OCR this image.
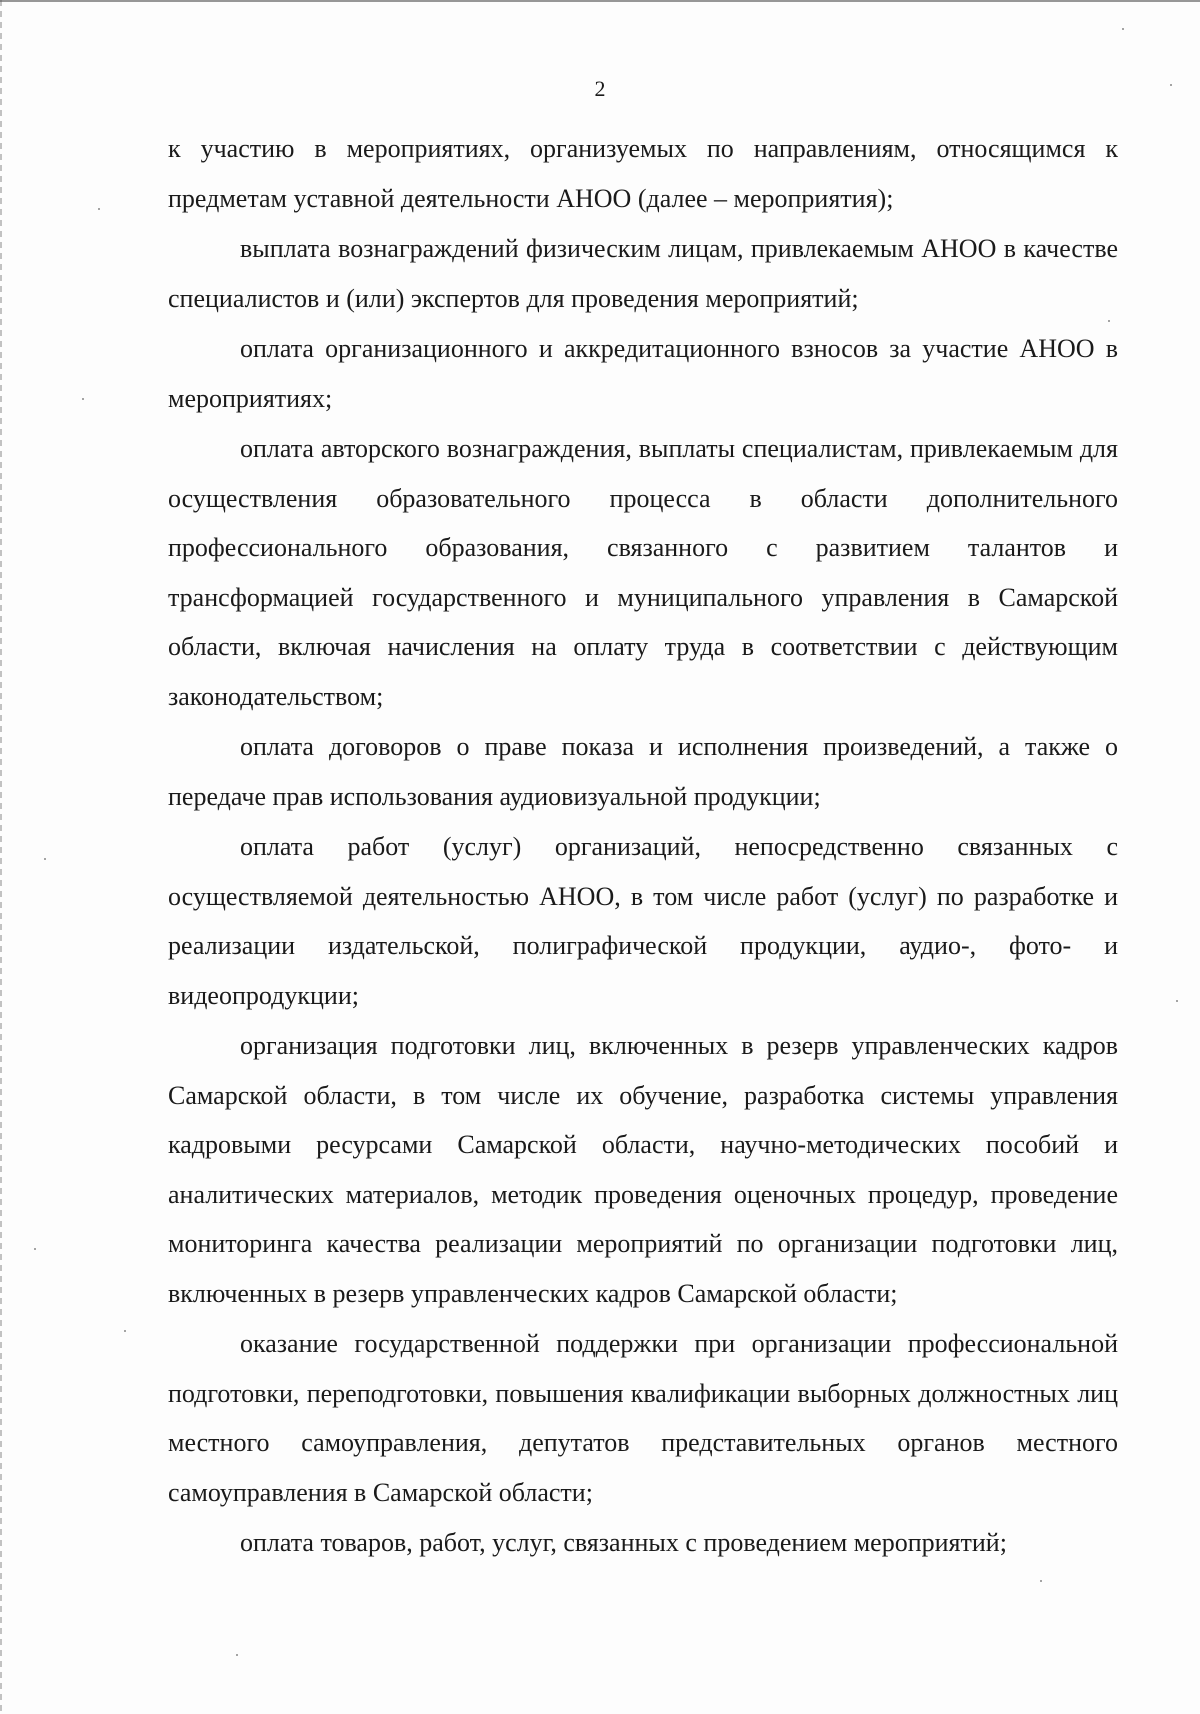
2

к участию в мероприятиях, организуемых по направлениям, относящимся к предметам уставной деятельности АНОО (далее – мероприятия);

выплата вознаграждений физическим лицам, привлекаемым АНОО в качестве специалистов и (или) экспертов для проведения мероприятий;

оплата организационного и аккредитационного взносов за участие АНОО в мероприятиях;

оплата авторского вознаграждения, выплаты специалистам, привлекаемым для осуществления образовательного процесса в области дополнительного профессионального образования, связанного с развитием талантов и трансформацией государственного и муниципального управления в Самарской области, включая начисления на оплату труда в соответствии с действующим законодательством;

оплата договоров о праве показа и исполнения произведений, а также о передаче прав использования аудиовизуальной продукции;

оплата работ (услуг) организаций, непосредственно связанных с осуществляемой деятельностью АНОО, в том числе работ (услуг) по разработке и реализации издательской, полиграфической продукции, аудио-, фото- и видеопродукции;

организация подготовки лиц, включенных в резерв управленческих кадров Самарской области, в том числе их обучение, разработка системы управления кадровыми ресурсами Самарской области, научно-методических пособий и аналитических материалов, методик проведения оценочных процедур, проведение мониторинга качества реализации мероприятий по организации подготовки лиц, включенных в резерв управленческих кадров Самарской области;

оказание государственной поддержки при организации профессиональной подготовки, переподготовки, повышения квалификации выборных должностных лиц местного самоуправления, депутатов представительных органов местного самоуправления в Самарской области;

оплата товаров, работ, услуг, связанных с проведением мероприятий;
